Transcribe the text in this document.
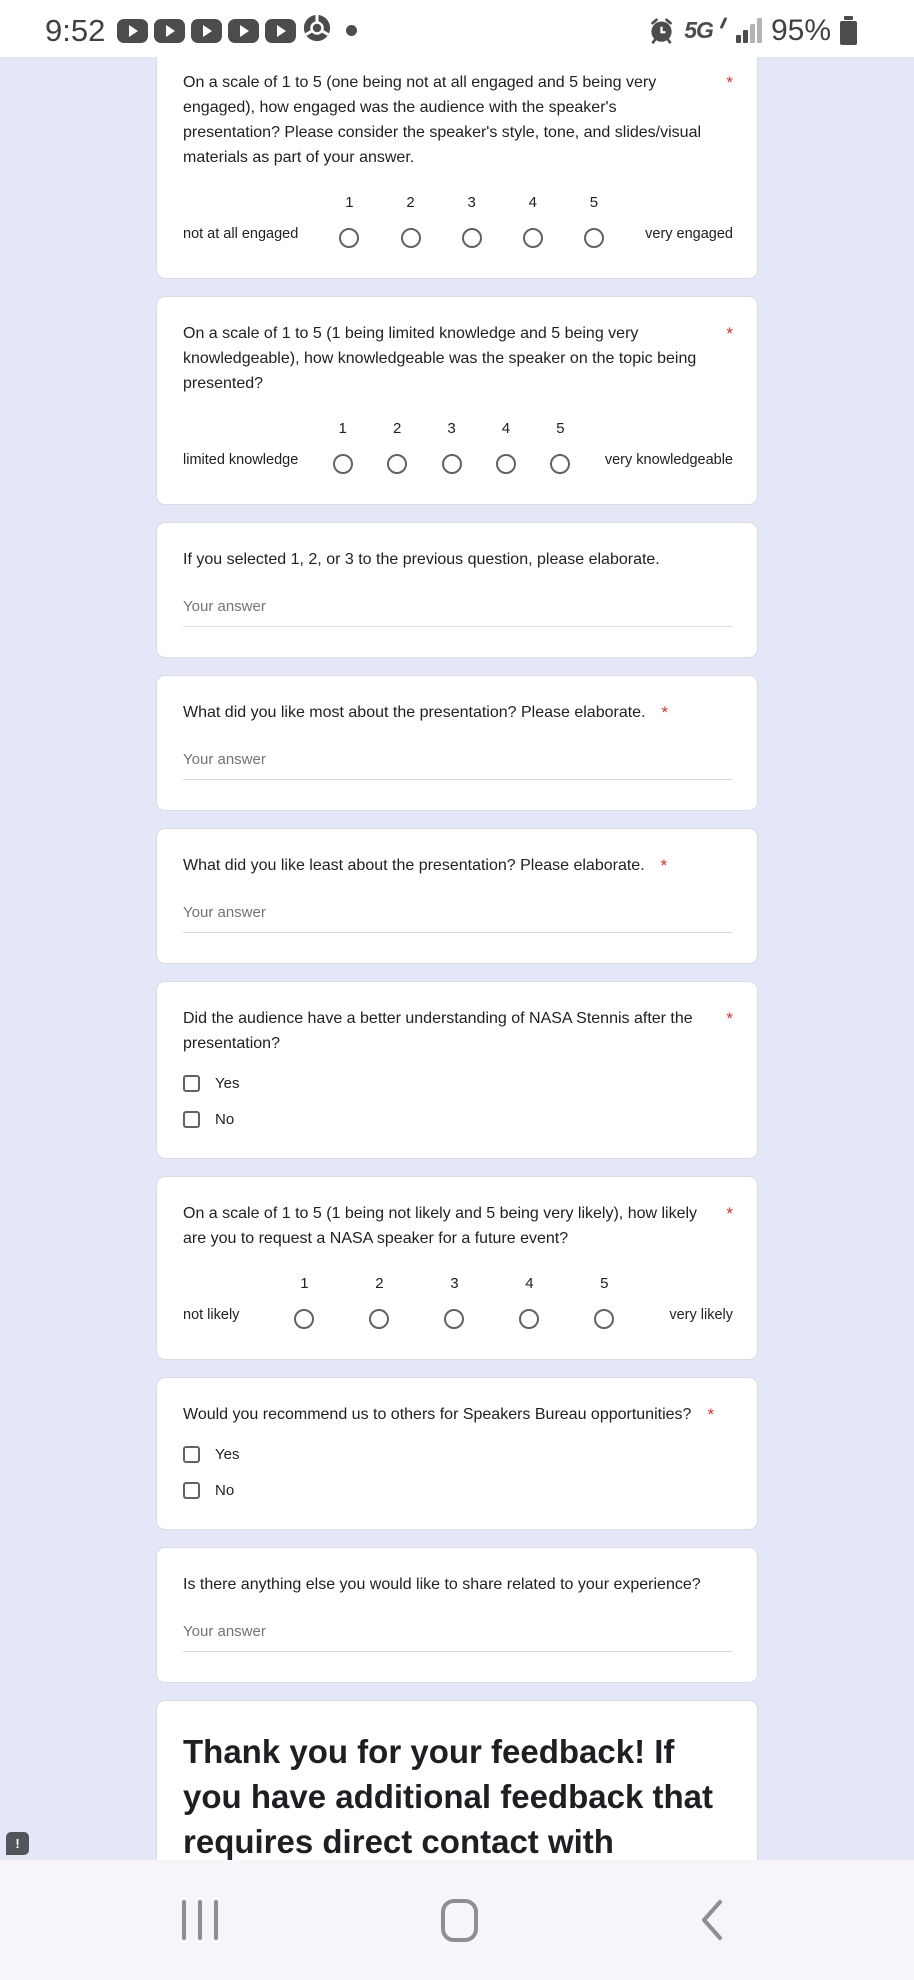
9:52	5G 95%
On a scale of 1 to 5 (one being not at all engaged and 5 being very engaged), how engaged was the audience with the speaker's presentation? Please consider the speaker's style, tone, and slides/visual materials as part of your answer.
*
not at all engaged
1	2	3	4	5
very engaged
On a scale of 1 to 5 (1 being limited knowledge and 5 being very knowledgeable), how knowledgeable was the speaker on the topic being presented?
*
limited knowledge
1	2	3	4	5
very knowledgeable
If you selected 1, 2, or 3 to the previous question, please elaborate.
Your answer
What did you like most about the presentation? Please elaborate. *
Your answer
What did you like least about the presentation? Please elaborate. *
Your answer
Did the audience have a better understanding of NASA Stennis after the presentation?
*
Yes
No
On a scale of 1 to 5 (1 being not likely and 5 being very likely), how likely are you to request a NASA speaker for a future event?
*
not likely
1	2	3	4	5
very likely
Would you recommend us to others for Speakers Bureau opportunities? *
Yes
No
Is there anything else you would like to share related to your experience?
Your answer
Thank you for your feedback! If you have additional feedback that requires direct contact with
!
